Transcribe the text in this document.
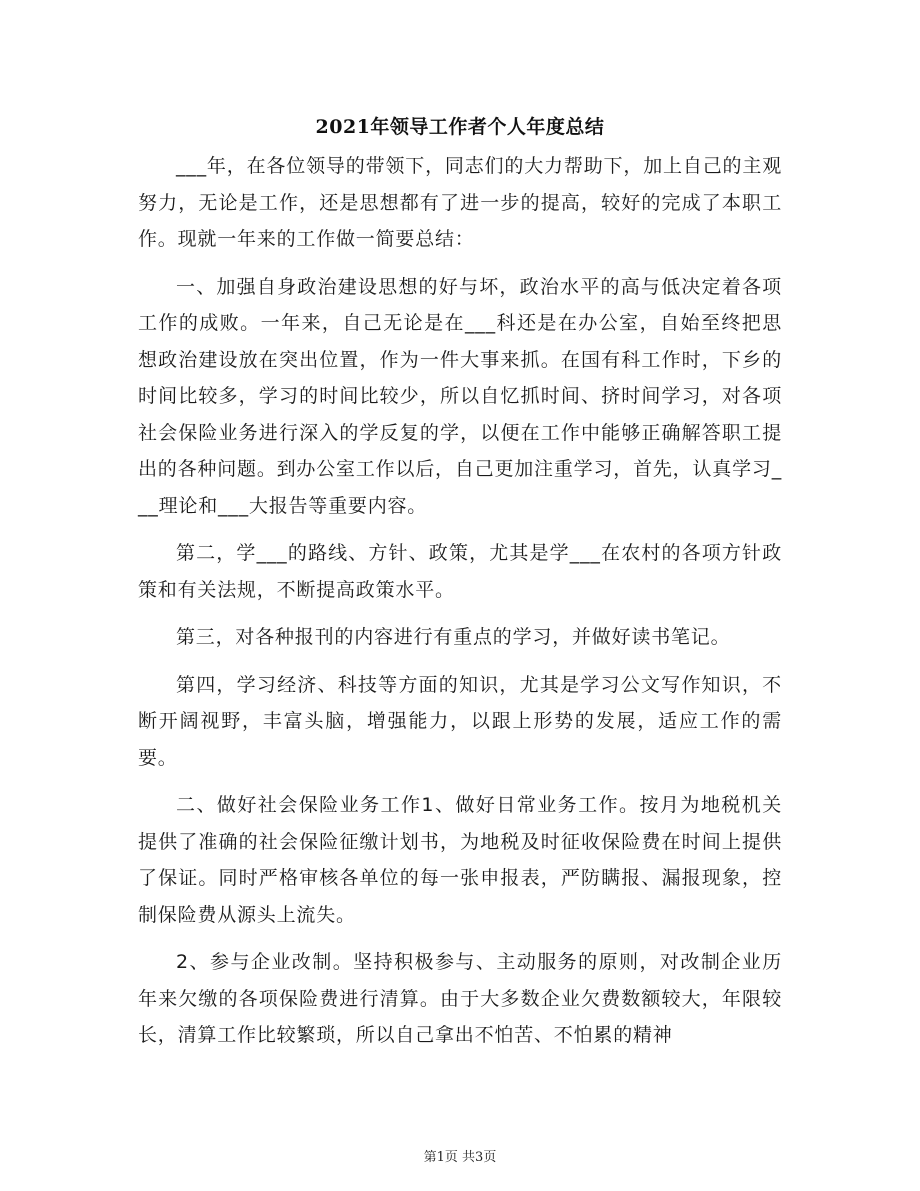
2021年领导工作者个人年度总结

___年，在各位领导的带领下，同志们的大力帮助下，加上自己的主观努力，无论是工作，还是思想都有了进一步的提高，较好的完成了本职工作。现就一年来的工作做一简要总结：

一、加强自身政治建设思想的好与坏，政治水平的高与低决定着各项工作的成败。一年来，自己无论是在___科还是在办公室，自始至终把思想政治建设放在突出位置，作为一件大事来抓。在国有科工作时，下乡的时间比较多，学习的时间比较少，所以自忆抓时间、挤时间学习，对各项社会保险业务进行深入的学反复的学，以便在工作中能够正确解答职工提出的各种问题。到办公室工作以后，自己更加注重学习，首先，认真学习___理论和___大报告等重要内容。

第二，学___的路线、方针、政策，尤其是学___在农村的各项方针政策和有关法规，不断提高政策水平。

第三，对各种报刊的内容进行有重点的学习，并做好读书笔记。

第四，学习经济、科技等方面的知识，尤其是学习公文写作知识，不断开阔视野，丰富头脑，增强能力，以跟上形势的发展，适应工作的需要。

二、做好社会保险业务工作1、做好日常业务工作。按月为地税机关提供了准确的社会保险征缴计划书，为地税及时征收保险费在时间上提供了保证。同时严格审核各单位的每一张申报表，严防瞒报、漏报现象，控制保险费从源头上流失。

2、参与企业改制。坚持积极参与、主动服务的原则，对改制企业历年来欠缴的各项保险费进行清算。由于大多数企业欠费数额较大，年限较长，清算工作比较繁琐，所以自己拿出不怕苦、不怕累的精神

第1页 共3页
